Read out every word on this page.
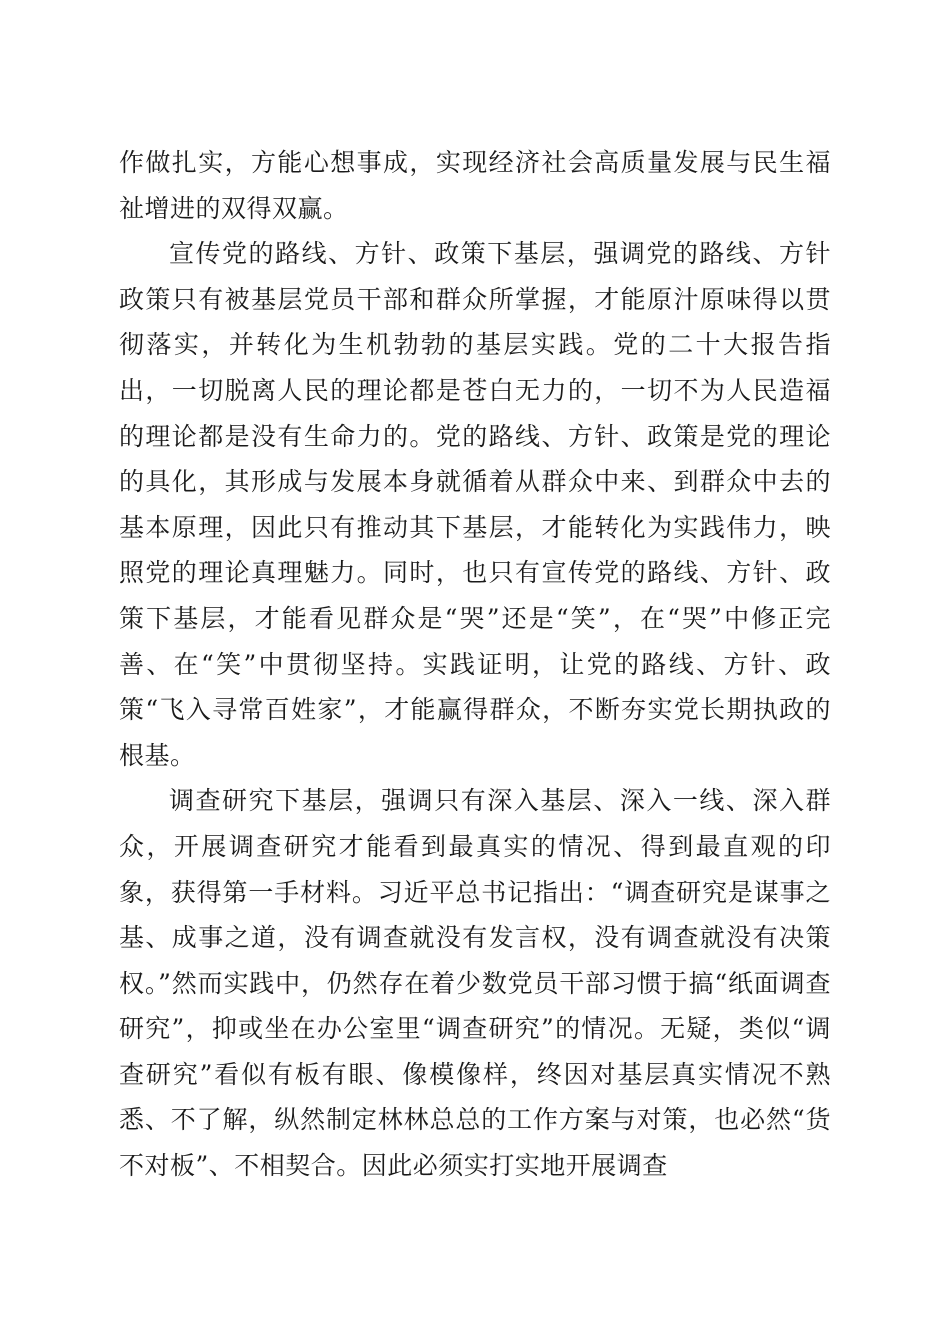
作做扎实，方能心想事成，实现经济社会高质量发展与民生福祉增进的双得双赢。

宣传党的路线、方针、政策下基层，强调党的路线、方针政策只有被基层党员干部和群众所掌握，才能原汁原味得以贯彻落实，并转化为生机勃勃的基层实践。党的二十大报告指出，一切脱离人民的理论都是苍白无力的，一切不为人民造福的理论都是没有生命力的。党的路线、方针、政策是党的理论的具化，其形成与发展本身就循着从群众中来、到群众中去的基本原理，因此只有推动其下基层，才能转化为实践伟力，映照党的理论真理魅力。同时，也只有宣传党的路线、方针、政策下基层，才能看见群众是“哭”还是“笑”，在“哭”中修正完善、在“笑”中贯彻坚持。实践证明，让党的路线、方针、政策“飞入寻常百姓家”，才能赢得群众，不断夯实党长期执政的根基。

调查研究下基层，强调只有深入基层、深入一线、深入群众，开展调查研究才能看到最真实的情况、得到最直观的印象，获得第一手材料。习近平总书记指出：“调查研究是谋事之基、成事之道，没有调查就没有发言权，没有调查就没有决策权。”然而实践中，仍然存在着少数党员干部习惯于搞“纸面调查研究”，抑或坐在办公室里“调查研究”的情况。无疑，类似“调查研究”看似有板有眼、像模像样，终因对基层真实情况不熟悉、不了解，纵然制定林林总总的工作方案与对策，也必然“货不对板”、不相契合。因此必须实打实地开展调查
